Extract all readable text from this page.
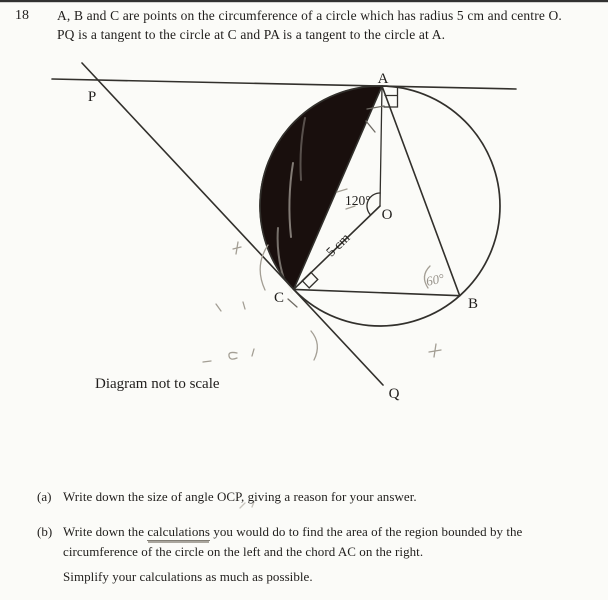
18 A, B and C are points on the circumference of a circle which has radius 5 cm and centre O.
PQ is a tangent to the circle at C and PA is a tangent to the circle at A.
A
P
O
C	B
Q
120°
5 cm
60°
Diagram not to scale
(a) Write down the size of angle OCP, giving a reason for your answer.
(b) Write down the calculations you would do to find the area of the region bounded by the
circumference of the circle on the left and the chord AC on the right.
Simplify your calculations as much as possible.
